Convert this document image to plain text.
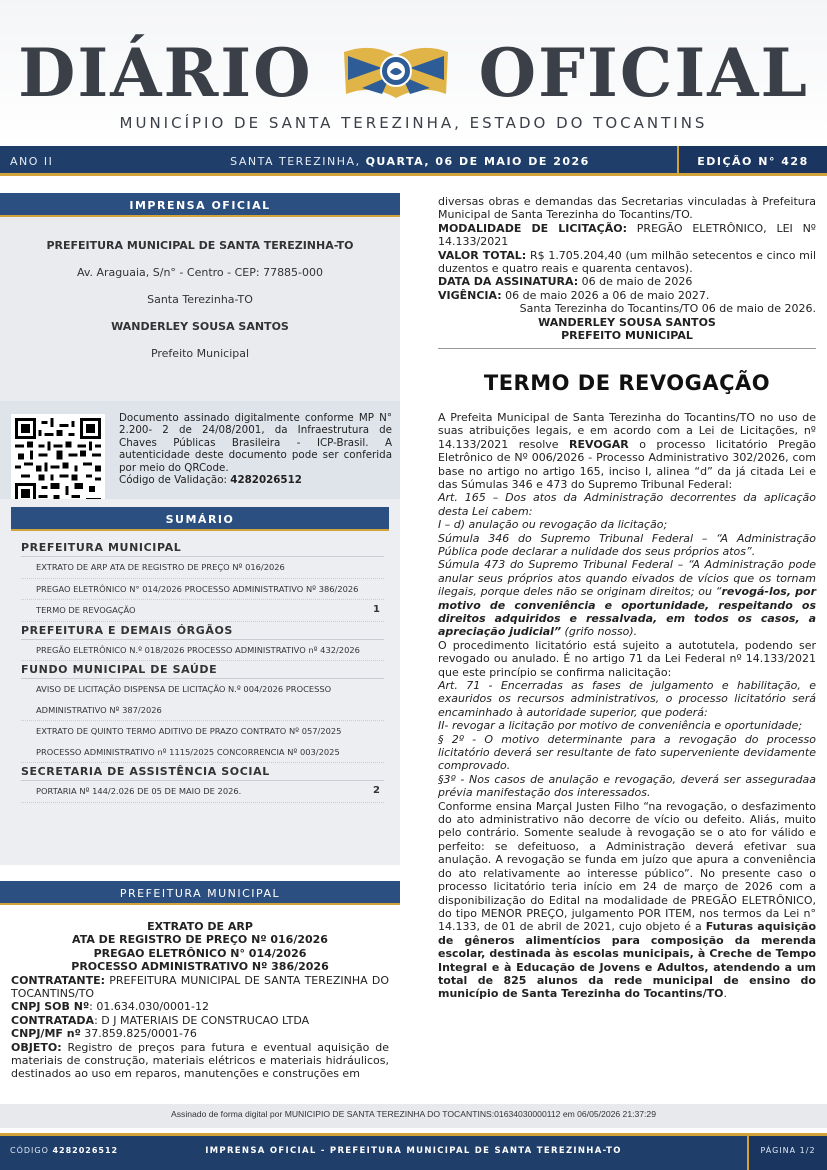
DIÁRIO	OFICIAL
MUNICÍPIO DE SANTA TEREZINHA, ESTADO DO TOCANTINS
ANO II	SANTA TEREZINHA, QUARTA, 06 DE MAIO DE 2026	EDIÇÃO N° 428
IMPRENSA OFICIAL

PREFEITURA MUNICIPAL DE SANTA TEREZINHA-TO

Av. Araguaia, S/n° - Centro - CEP: 77885-000

Santa Terezinha-TO

WANDERLEY SOUSA SANTOS

Prefeito Municipal

Documento assinado digitalmente conforme MP N° 2.200- 2 de 24/08/2001, da Infraestrutura de Chaves Públicas Brasileira - ICP-Brasil. A autenticidade deste documento pode ser conferida por meio do QRCode.
Código de Validação: 4282026512
SUMÁRIO
PREFEITURA MUNICIPAL
EXTRATO DE ARP ATA DE REGISTRO DE PREÇO Nº 016/2026
PREGAO ELETRÔNICO N° 014/2026 PROCESSO ADMINISTRATIVO Nº 386/2026
TERMO DE REVOGAÇÃO	1
PREFEITURA E DEMAIS ÓRGÃOS
PREGÃO ELETRÔNICO N.º 018/2026 PROCESSO ADMINISTRATIVO nº 432/2026
FUNDO MUNICIPAL DE SAÚDE
AVISO DE LICITAÇÃO DISPENSA DE LICITAÇÃO N.º 004/2026 PROCESSO ADMINISTRATIVO Nº 387/2026
EXTRATO DE QUINTO TERMO ADITIVO DE PRAZO CONTRATO Nº 057/2025 PROCESSO ADMINISTRATIVO nº 1115/2025 CONCORRENCIA Nº 003/2025
SECRETARIA DE ASSISTÊNCIA SOCIAL
PORTARIA Nº 144/2.026 DE 05 DE MAIO DE 2026.	2
PREFEITURA MUNICIPAL
EXTRATO DE ARP
ATA DE REGISTRO DE PREÇO Nº 016/2026
PREGAO ELETRÔNICO N° 014/2026
PROCESSO ADMINISTRATIVO Nº 386/2026

CONTRATANTE: PREFEITURA MUNICIPAL DE SANTA TEREZINHA DO TOCANTINS/TO

CNPJ SOB Nº: 01.634.030/0001-12

CONTRATADA: D J MATERIAIS DE CONSTRUCAO LTDA

CNPJ/MF nº 37.859.825/0001-76

OBJETO: Registro de preços para futura e eventual aquisição de materiais de construção, materiais elétricos e materiais hidráulicos, destinados ao uso em reparos, manutenções e construções em

diversas obras e demandas das Secretarias vinculadas à Prefeitura Municipal de Santa Terezinha do Tocantins/TO.

MODALIDADE DE LICITAÇÃO: PREGÃO ELETRÔNICO, LEI Nº 14.133/2021

VALOR TOTAL: R$ 1.705.204,40 (um milhão setecentos e cinco mil duzentos e quatro reais e quarenta centavos).

DATA DA ASSINATURA: 06 de maio de 2026

VIGÊNCIA: 06 de maio 2026 a 06 de maio 2027.

Santa Terezinha do Tocantins/TO 06 de maio de 2026.

WANDERLEY SOUSA SANTOS

PREFEITO MUNICIPAL

TERMO DE REVOGAÇÃO

A Prefeita Municipal de Santa Terezinha do Tocantins/TO no uso de suas atribuições legais, e em acordo com a Lei de Licitações, nº 14.133/2021 resolve REVOGAR o processo licitatório Pregão Eletrônico de Nº 006/2026 - Processo Administrativo 302/2026, com base no artigo no artigo 165, inciso I, alinea “d” da já citada Lei e das Súmulas 346 e 473 do Supremo Tribunal Federal:

Art. 165 – Dos atos da Administração decorrentes da aplicação desta Lei cabem:

I – d) anulação ou revogação da licitação;

Súmula 346 do Supremo Tribunal Federal – “A Administração Pública pode declarar a nulidade dos seus próprios atos”.

Súmula 473 do Supremo Tribunal Federal – “A Administração pode anular seus próprios atos quando eivados de vícios que os tornam ilegais, porque deles não se originam direitos; ou “revogá-los, por motivo de conveniência e oportunidade, respeitando os direitos adquiridos e ressalvada, em todos os casos, a apreciação judicial” (grifo nosso).

O procedimento licitatório está sujeito a autotutela, podendo ser revogado ou anulado. É no artigo 71 da Lei Federal nº 14.133/2021 que este princípio se confirma nalicitação:

Art. 71 - Encerradas as fases de julgamento e habilitação, e exauridos os recursos administrativos, o processo licitatório será encaminhado à autoridade superior, que poderá:

II- revogar a licitação por motivo de conveniência e oportunidade;

§ 2º - O motivo determinante para a revogação do processo licitatório deverá ser resultante de fato superveniente devidamente comprovado.

§3º - Nos casos de anulação e revogação, deverá ser asseguradaa prévia manifestação dos interessados.

Conforme ensina Marçal Justen Filho “na revogação, o desfazimento do ato administrativo não decorre de vício ou defeito. Aliás, muito pelo contrário. Somente sealude à revogação se o ato for válido e perfeito: se defeituoso, a Administração deverá efetivar sua anulação. A revogação se funda em juízo que apura a conveniência do ato relativamente ao interesse público”. No presente caso o processo licitatório teria início em 24 de março de 2026 com a disponibilização do Edital na modalidade de PREGÃO ELETRÔNICO, do tipo MENOR PREÇO, julgamento POR ITEM, nos termos da Lei n° 14.133, de 01 de abril de 2021, cujo objeto é a Futuras aquisição de gêneros alimentícios para composição da merenda escolar, destinada às escolas municipais, à Creche de Tempo Integral e à Educação de Jovens e Adultos, atendendo a um total de 825 alunos da rede municipal de ensino do município de Santa Terezinha do Tocantins/TO.

Assinado de forma digital por MUNICIPIO DE SANTA TEREZINHA DO TOCANTINS:01634030000112 em 06/05/2026 21:37:29
CÓDIGO 4282026512	IMPRENSA OFICIAL - PREFEITURA MUNICIPAL DE SANTA TEREZINHA-TO	PÁGINA 1/2
